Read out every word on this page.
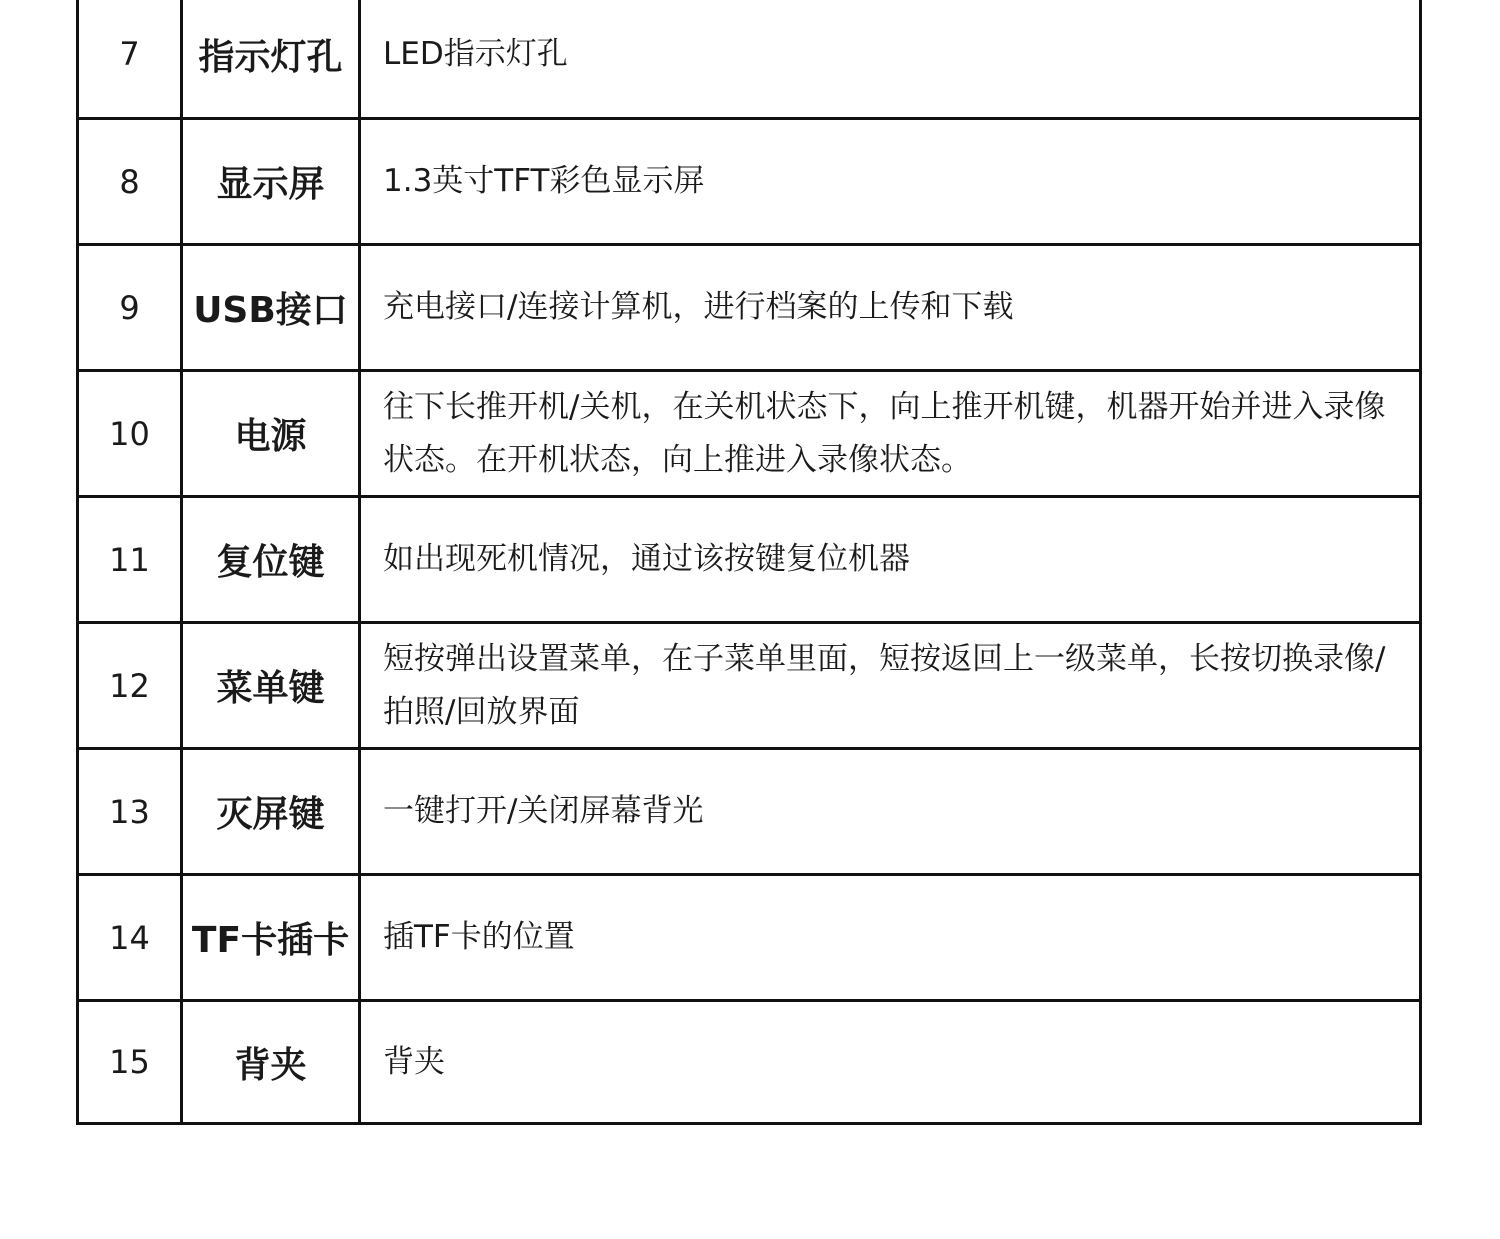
7	指示灯孔	LED指示灯孔
8	显示屏	1.3英寸TFT彩色显示屏
9	USB接口	充电接口/连接计算机，进行档案的上传和下载
10	电源	往下长推开机/关机，在关机状态下，向上推开机键，机器开始并进入录像状态。在开机状态，向上推进入录像状态。
11	复位键	如出现死机情况，通过该按键复位机器
12	菜单键	短按弹出设置菜单，在子菜单里面，短按返回上一级菜单，长按切换录像/拍照/回放界面
13	灭屏键	一键打开/关闭屏幕背光
14	TF卡插卡	插TF卡的位置
15	背夹	背夹
